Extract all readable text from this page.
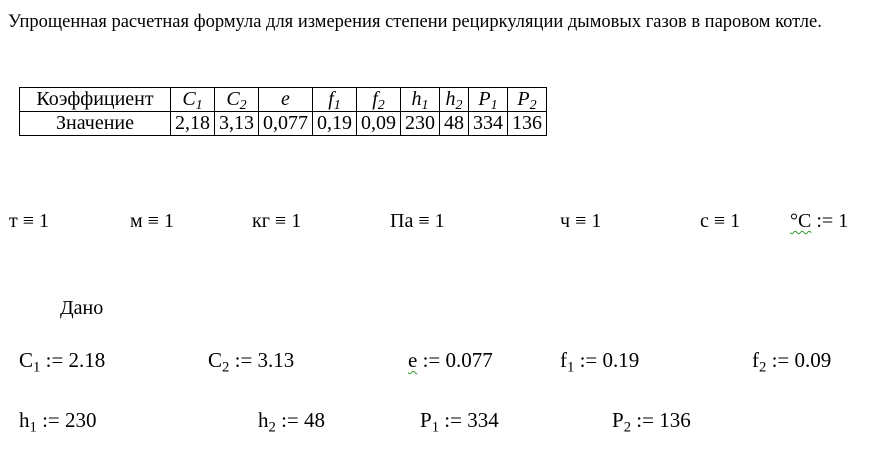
Упрощенная расчетная формула для измерения степени рециркуляции дымовых газов в паровом котле.
Коэффициент	$C_1$	$C_2$	e	$f_1$	$f_2$	$h_1$	$h_2$	$P_1$	$P_2$
Значение	2,18	3,13	0,077	0,19	0,09	230	48	334	136
т ≡ 1	м ≡ 1	кг ≡ 1	Па ≡ 1	ч ≡ 1	с ≡ 1 °C := 1
Дано
$C_1$ := 2.18	$C_2$ := 3.13	e := 0.077	$f_1$ := 0.19	$f_2$ := 0.09
$h_1$ := 230	$h_2$ := 48	$P_1$ := 334	$P_2$ := 136
